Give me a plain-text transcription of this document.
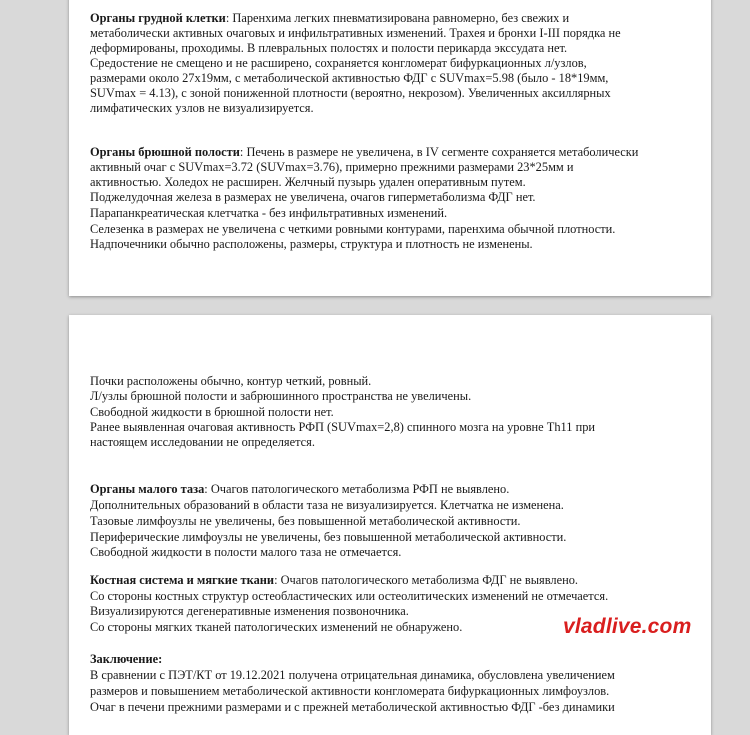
Органы грудной клетки: Паренхима легких пневматизирована равномерно, без свежих и
метаболически активных очаговых и инфильтративных изменений. Трахея и бронхи I-III порядка не
деформированы, проходимы. В плевральных полостях и полости перикарда экссудата нет.
Средостение не смещено и не расширено, сохраняется конгломерат бифуркационных л/узлов,
размерами около 27х19мм, с метаболической активностью ФДГ с SUVmax=5.98 (было - 18*19мм,
SUVmax = 4.13), с зоной пониженной плотности (вероятно, некрозом). Увеличенных аксиллярных
лимфатических узлов не визуализируется.
Органы брюшной полости: Печень в размере не увеличена, в IV сегменте сохраняется метаболически
активный очаг с SUVmax=3.72 (SUVmax=3.76), примерно прежними размерами 23*25мм и
активностью. Холедох не расширен. Желчный пузырь удален оперативным путем.
Поджелудочная железа в размерах не увеличена, очагов гиперметаболизма ФДГ нет.
Парапанкреатическая клетчатка - без инфильтративных изменений.
Селезенка в размерах не увеличена с четкими ровными контурами, паренхима обычной плотности.
Надпочечники обычно расположены, размеры, структура и плотность не изменены.
Почки расположены обычно, контур четкий, ровный.
Л/узлы брюшной полости и забрюшинного пространства не увеличены.
Свободной жидкости в брюшной полости нет.
Ранее выявленная очаговая активность РФП (SUVmax=2,8) спинного мозга на уровне Th11 при
настоящем исследовании не определяется.
Органы малого таза: Очагов патологического метаболизма РФП не выявлено.
Дополнительных образований в области таза не визуализируется. Клетчатка не изменена.
Тазовые лимфоузлы не увеличены, без повышенной метаболической активности.
Периферические лимфоузлы не увеличены, без повышенной метаболической активности.
Свободной жидкости в полости малого таза не отмечается.
Костная система и мягкие ткани: Очагов патологического метаболизма ФДГ не выявлено.
Со стороны костных структур остеобластических или остеолитических изменений не отмечается.
Визуализируются дегенеративные изменения позвоночника.
Со стороны мягких тканей патологических изменений не обнаружено.
Заключение:
В сравнении с ПЭТ/КТ от 19.12.2021 получена отрицательная динамика, обусловлена увеличением
размеров и повышением метаболической активности конгломерата бифуркационных лимфоузлов.
Очаг в печени прежними размерами и с прежней метаболической активностью ФДГ -без динамики
vladlive.com
